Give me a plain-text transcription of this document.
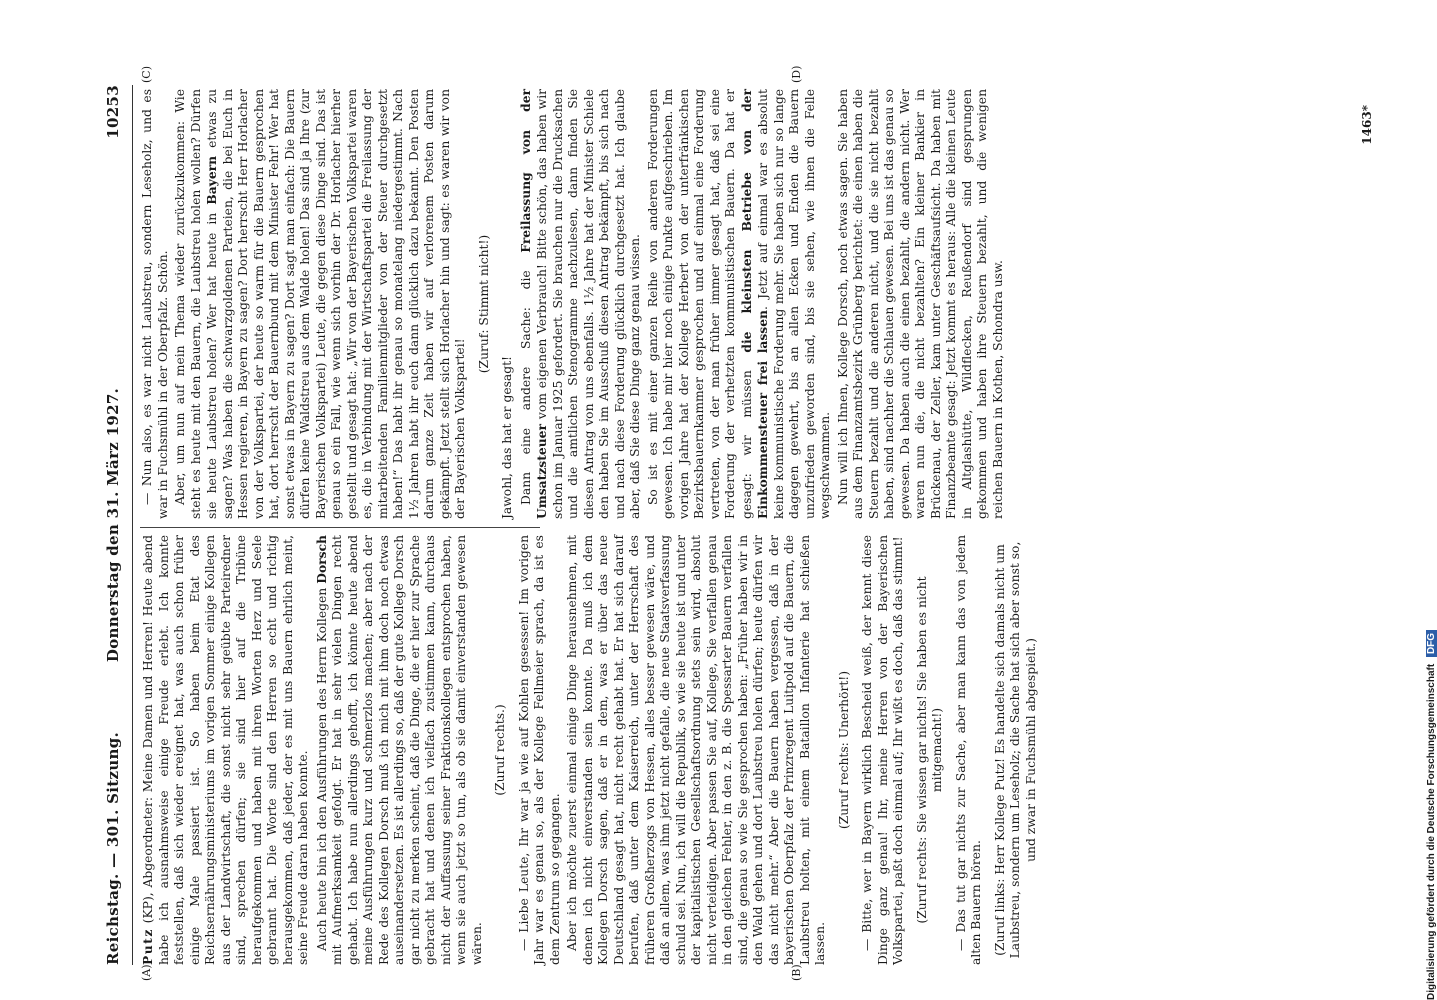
Reichstag. — 301. Sitzung.
Donnerstag den 31. März 1927.
10253
(A)	(B)
(C)	(D)

Putz (KP), Abgeordneter: Meine Damen und Herren! Heute abend habe ich ausnahmsweise einige Freude erlebt. Ich konnte feststellen, daß sich wieder ereignet hat, was auch schon früher einige Male passiert ist. So haben beim Etat des Reichsernährungsministeriums im vorigen Sommer einige Kollegen aus der Landwirtschaft, die sonst nicht sehr geübte Parteiredner sind, sprechen dürfen; sie sind hier auf die Tribüne heraufgekommen und haben mit ihren Worten Herz und Seele gebrannt hat. Die Worte sind den Herren so echt und richtig herausgekommen, daß jeder, der es mit uns Bauern ehrlich meint, seine Freude daran haben konnte. Auch heute bin ich den Ausführungen des Herrn Kollegen Dorsch mit Aufmerksamkeit gefolgt. Er hat in sehr vielen Dingen recht gehabt. Ich habe nun allerdings gehofft, ich könnte heute abend meine Ausführungen kurz und schmerzlos machen; aber nach der Rede des Kollegen Dorsch muß ich mich mit ihm doch noch etwas auseinandersetzen. Es ist allerdings so, daß der gute Kollege Dorsch gar nicht zu merken scheint, daß die Dinge, die er hier zur Sprache gebracht hat und denen ich vielfach zustimmen kann, durchaus nicht der Auffassung seiner Fraktionskollegen entsprochen haben, wenn sie auch jetzt so tun, als ob sie damit einverstanden gewesen wären.

(Zuruf rechts.) — Liebe Leute, Ihr war ja wie auf Kohlen gesessen! Im vorigen Jahr war es genau so, als der Kollege Fellmeier sprach, da ist es dem Zentrum so gegangen. Aber ich möchte zuerst einmal einige Dinge herausnehmen, mit denen ich nicht einverstanden sein konnte. Da muß ich dem Kollegen Dorsch sagen, daß er in dem, was er über das neue Deutschland gesagt hat, nicht recht gehabt hat. Er hat sich darauf berufen, daß unter dem Kaiserreich, unter der Herrschaft des früheren Großherzogs von Hessen, alles besser gewesen wäre, und daß an allem, was ihm jetzt nicht gefalle, die neue Staatsverfassung schuld sei. Nun, ich will die Republik, so wie sie heute ist und unter der kapitalistischen Gesellschaftsordnung stets sein wird, absolut nicht verteidigen. Aber passen Sie auf, Kollege, Sie verfallen genau in den gleichen Fehler, in den z. B. die Spessarter Bauern verfallen sind, die genau so wie Sie gesprochen haben: „Früher haben wir in den Wald gehen und dort Laubstreu holen dürfen; heute dürfen wir das nicht mehr.“ Aber die Bauern haben vergessen, daß in der bayerischen Oberpfalz der Prinzregent Luitpold auf die Bauern, die Laubstreu holten, mit einem Bataillon Infanterie hat schießen lassen.

(Zuruf rechts: Unerhört!) — Bitte, wer in Bayern wirklich Bescheid weiß, der kennt diese Dinge ganz genau! Ihr, meine Herren von der Bayerischen Volkspartei, paßt doch einmal auf; Ihr wißt es doch, daß das stimmt! (Zuruf rechts: Sie wissen gar nichts! Sie haben es nicht mitgemacht!) — Das tut gar nichts zur Sache, aber man kann das von jedem alten Bauern hören. (Zuruf links: Herr Kollege Putz! Es handelte sich damals nicht um Laubstreu, sondern um Leseholz; die Sache hat sich aber sonst so, und zwar in Fuchsmühl abgespielt.)

— Nun also, es war nicht Laubstreu, sondern Leseholz, und es war in Fuchsmühl in der Oberpfalz. Schön. Aber, um nun auf mein Thema wieder zurückzukommen: Wie steht es heute mit den Bauern, die Laubstreu holen wollen? Dürfen sie heute Laubstreu holen? Wer hat heute in Bayern etwas zu sagen? Was haben die schwarzgoldenen Parteien, die bei Euch in Hessen regieren, in Bayern zu sagen? Dort herrscht Herr Horlacher von der Volkspartei, der heute so warm für die Bauern gesprochen hat, dort herrscht der Bauernbund mit dem Minister Fehr! Wer hat sonst etwas in Bayern zu sagen? Dort sagt man einfach: Die Bauern dürfen keine Waldstreu aus dem Walde holen! Das sind ja Ihre (zur Bayerischen Volkspartei) Leute, die gegen diese Dinge sind. Das ist genau so ein Fall, wie wenn sich vorhin der Dr. Horlacher hierher gestellt und gesagt hat: „Wir von der Bayerischen Volkspartei waren es, die in Verbindung mit der Wirtschaftspartei die Freilassung der mitarbeitenden Familienmitglieder von der Steuer durchgesetzt haben!“ Das habt ihr genau so monatelang niedergestimmt. Nach 1½ Jahren habt ihr euch dann glücklich dazu bekannt. Den Posten darum ganze Zeit haben wir auf verlorenem Posten darum gekämpft. Jetzt stellt sich Horlacher hin und sagt: es waren wir von der Bayerischen Volkspartei!

(Zuruf: Stimmt nicht!)

Jawohl, das hat er gesagt! Dann eine andere Sache: die Freilassung von der Umsatzsteuer vom eigenen Verbrauch! Bitte schön, das haben wir schon im Januar 1925 gefordert. Sie brauchen nur die Drucksachen und die amtlichen Stenogramme nachzulesen, dann finden Sie diesen Antrag von uns ebenfalls. 1½ Jahre hat der Minister Schiele den haben Sie im Ausschuß diesen Antrag bekämpft, bis sich nach und nach diese Forderung glücklich durchgesetzt hat. Ich glaube aber, daß Sie diese Dinge ganz genau wissen. So ist es mit einer ganzen Reihe von anderen Forderungen gewesen. Ich habe mir hier noch einige Punkte aufgeschrieben. Im vorigen Jahre hat der Kollege Herbert von der unterfränkischen Bezirksbauernkammer gesprochen und auf einmal eine Forderung vertreten, von der man früher immer gesagt hat, daß sei eine Forderung der verhetzten kommunistischen Bauern. Da hat er gesagt: wir müssen die kleinsten Betriebe von der Einkommensteuer frei lassen. Jetzt auf einmal war es absolut keine kommunistische Forderung mehr. Sie haben sich nur so lange dagegen gewehrt, bis an allen Ecken und Enden die Bauern unzufrieden geworden sind, bis sie sehen, wie ihnen die Felle wegschwammen. Nun will ich Ihnen, Kollege Dorsch, noch etwas sagen. Sie haben aus dem Finanzamtsbezirk Grünberg berichtet: die einen haben die Steuern bezahlt und die anderen nicht, und die sie nicht bezahlt haben, sind nachher die Schlauen gewesen. Bei uns ist das genau so gewesen. Da haben auch die einen bezahlt, die andern nicht. Wer waren nun die, die nicht bezahlten? Ein kleiner Bankier in Brückenau, der Zeller, kam unter Geschäftsaufsicht. Da haben mit Finanzbeamte gesagt: Jetzt kommt es heraus: Alle die kleinen Leute in Altglashütte, Wildflecken, Reußendorf sind gesprungen gekommen und haben ihre Steuern bezahlt, und die wenigen reichen Bauern in Kothen, Schondra usw.

1463*
Digitalisierung gefördert durch die Deutsche Forschungsgemeinschaft DFG
